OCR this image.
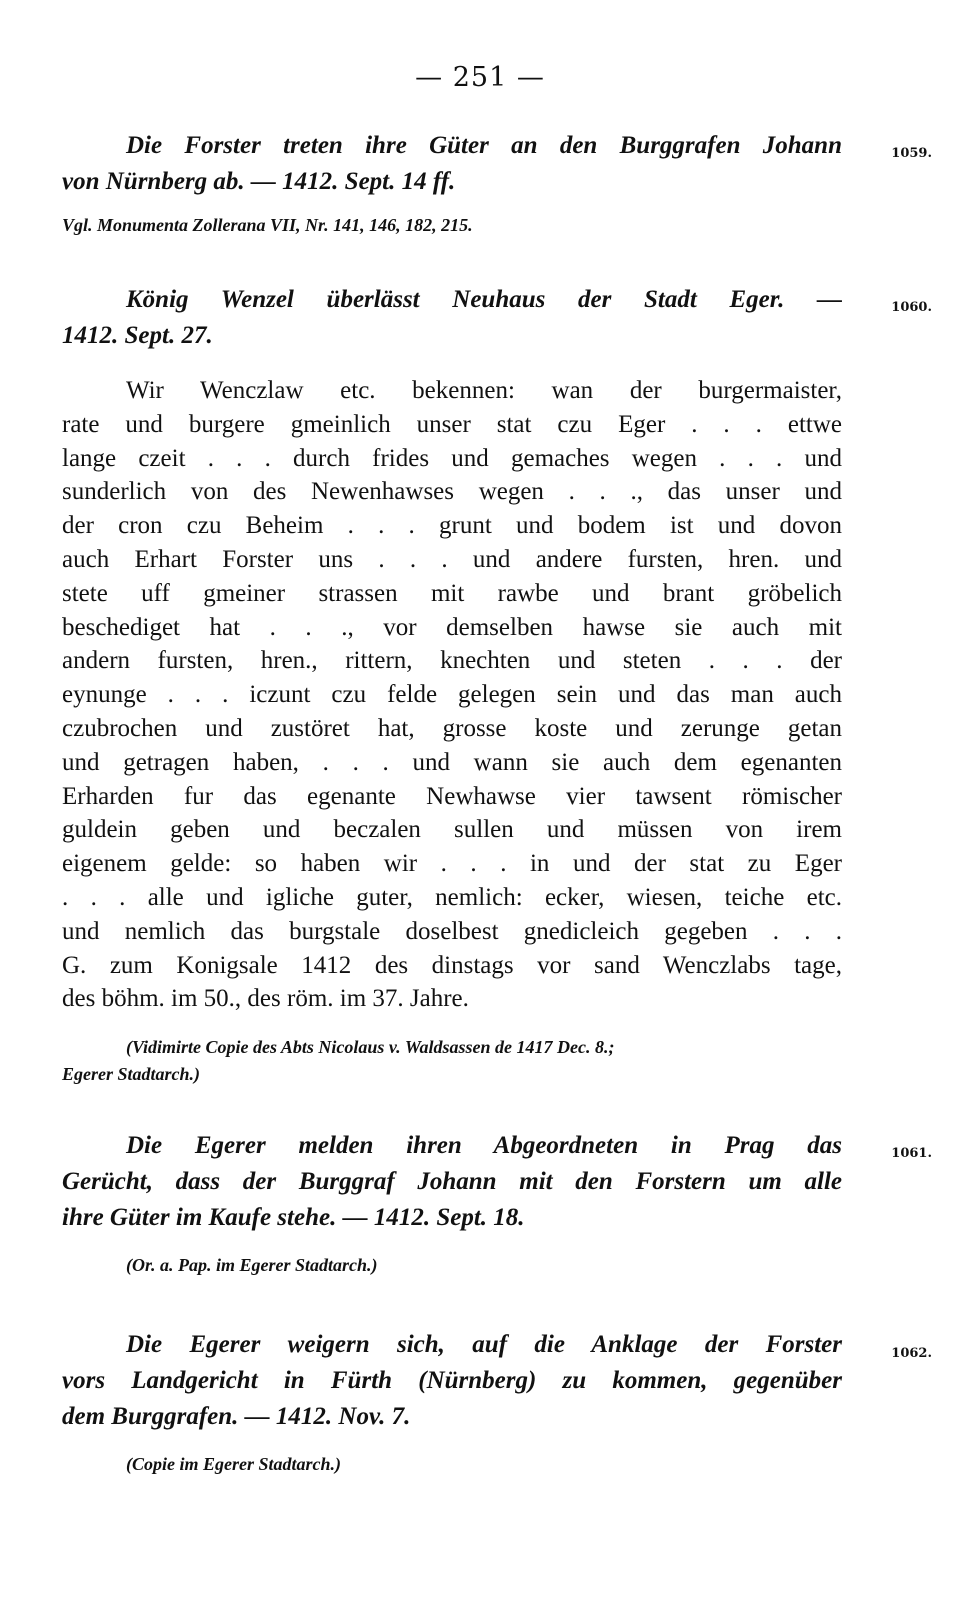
— 251 —
1059.
Die Forster treten ihre Güter an den Burggrafen Johann
von Nürnberg ab. — 1412. Sept. 14 ff.
Vgl. Monumenta Zollerana VII, Nr. 141, 146, 182, 215.
1060.
König Wenzel überlässt Neuhaus der Stadt Eger. —
1412. Sept. 27.
Wir Wenczlaw etc. bekennen: wan der burgermaister,
rate und burgere gmeinlich unser stat czu Eger . . . ettwe
lange czeit . . . durch frides und gemaches wegen . . . und
sunderlich von des Newenhawses wegen . . ., das unser und
der cron czu Beheim . . . grunt und bodem ist und dovon
auch Erhart Forster uns . . . und andere fursten, hren. und
stete uff gmeiner strassen mit rawbe und brant gröbelich
beschediget hat . . ., vor demselben hawse sie auch mit
andern fursten, hren., rittern, knechten und steten . . . der
eynunge . . . iczunt czu felde gelegen sein und das man auch
czubrochen und zustöret hat, grosse koste und zerunge getan
und getragen haben, . . . und wann sie auch dem egenanten
Erharden fur das egenante Newhawse vier tawsent römischer
guldein geben und beczalen sullen und müssen von irem
eigenem gelde: so haben wir . . . in und der stat zu Eger
. . . alle und igliche guter, nemlich: ecker, wiesen, teiche etc.
und nemlich das burgstale doselbest gnedicleich gegeben . . .
G. zum Konigsale 1412 des dinstags vor sand Wenczlabs tage,
des böhm. im 50., des röm. im 37. Jahre.
(Vidimirte Copie des Abts Nicolaus v. Waldsassen de 1417 Dec. 8.;
Egerer Stadtarch.)
1061.
Die Egerer melden ihren Abgeordneten in Prag das
Gerücht, dass der Burggraf Johann mit den Forstern um alle
ihre Güter im Kaufe stehe. — 1412. Sept. 18.
(Or. a. Pap. im Egerer Stadtarch.)
1062.
Die Egerer weigern sich, auf die Anklage der Forster
vors Landgericht in Fürth (Nürnberg) zu kommen, gegenüber
dem Burggrafen. — 1412. Nov. 7.
(Copie im Egerer Stadtarch.)
